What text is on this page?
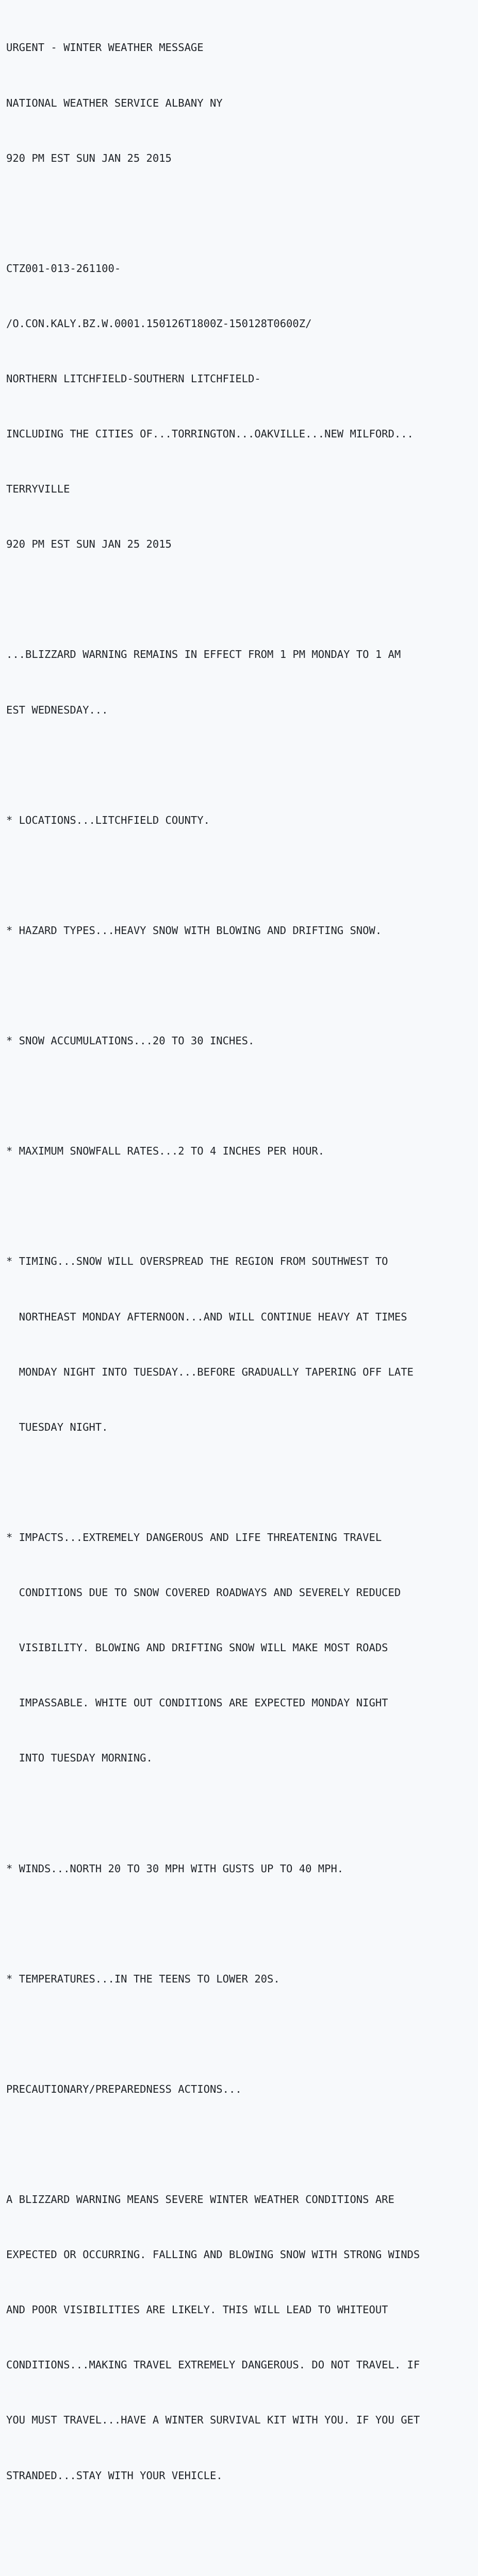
URGENT - WINTER WEATHER MESSAGE

NATIONAL WEATHER SERVICE ALBANY NY

920 PM EST SUN JAN 25 2015

CTZ001-013-261100-

/O.CON.KALY.BZ.W.0001.150126T1800Z-150128T0600Z/

NORTHERN LITCHFIELD-SOUTHERN LITCHFIELD-

INCLUDING THE CITIES OF...TORRINGTON...OAKVILLE...NEW MILFORD...

TERRYVILLE

920 PM EST SUN JAN 25 2015

...BLIZZARD WARNING REMAINS IN EFFECT FROM 1 PM MONDAY TO 1 AM

EST WEDNESDAY...

* LOCATIONS...LITCHFIELD COUNTY.

* HAZARD TYPES...HEAVY SNOW WITH BLOWING AND DRIFTING SNOW.

* SNOW ACCUMULATIONS...20 TO 30 INCHES.

* MAXIMUM SNOWFALL RATES...2 TO 4 INCHES PER HOUR.

* TIMING...SNOW WILL OVERSPREAD THE REGION FROM SOUTHWEST TO

NORTHEAST MONDAY AFTERNOON...AND WILL CONTINUE HEAVY AT TIMES

MONDAY NIGHT INTO TUESDAY...BEFORE GRADUALLY TAPERING OFF LATE

TUESDAY NIGHT.

* IMPACTS...EXTREMELY DANGEROUS AND LIFE THREATENING TRAVEL

CONDITIONS DUE TO SNOW COVERED ROADWAYS AND SEVERELY REDUCED

VISIBILITY. BLOWING AND DRIFTING SNOW WILL MAKE MOST ROADS

IMPASSABLE. WHITE OUT CONDITIONS ARE EXPECTED MONDAY NIGHT

INTO TUESDAY MORNING.

* WINDS...NORTH 20 TO 30 MPH WITH GUSTS UP TO 40 MPH.

* TEMPERATURES...IN THE TEENS TO LOWER 20S.

PRECAUTIONARY/PREPAREDNESS ACTIONS...

A BLIZZARD WARNING MEANS SEVERE WINTER WEATHER CONDITIONS ARE

EXPECTED OR OCCURRING. FALLING AND BLOWING SNOW WITH STRONG WINDS

AND POOR VISIBILITIES ARE LIKELY. THIS WILL LEAD TO WHITEOUT

CONDITIONS...MAKING TRAVEL EXTREMELY DANGEROUS. DO NOT TRAVEL. IF

YOU MUST TRAVEL...HAVE A WINTER SURVIVAL KIT WITH YOU. IF YOU GET

STRANDED...STAY WITH YOUR VEHICLE.
